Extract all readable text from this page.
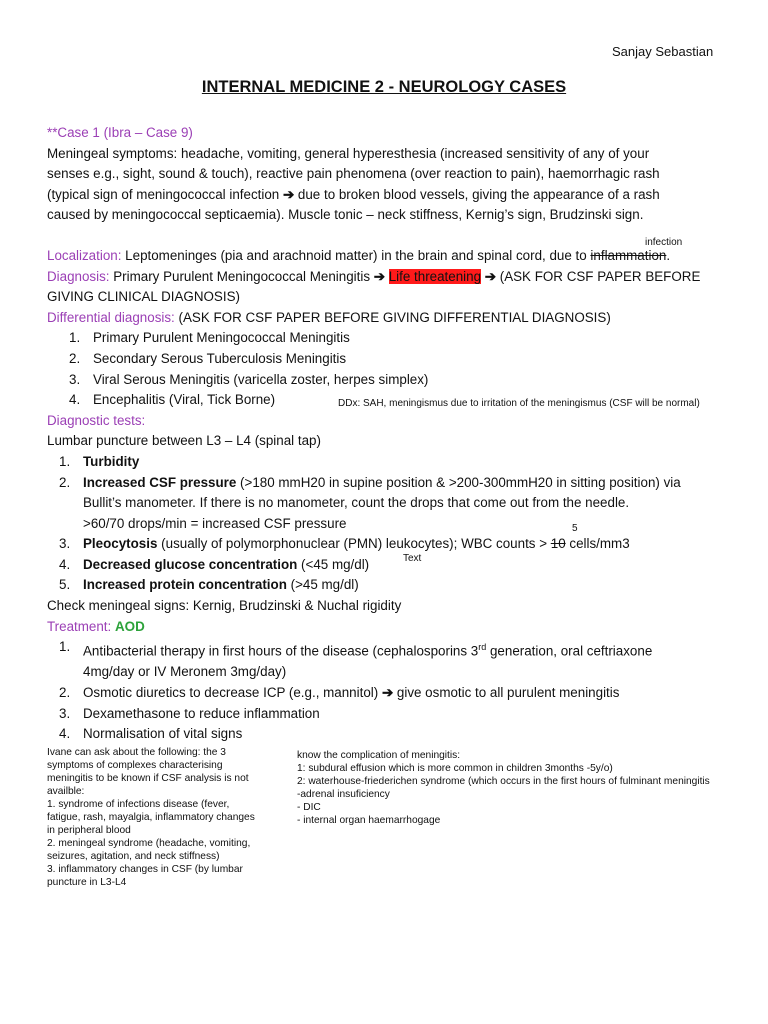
Sanjay Sebastian
INTERNAL MEDICINE 2 - NEUROLOGY CASES

**Case 1 (Ibra – Case 9)

Meningeal symptoms: headache, vomiting, general hyperesthesia (increased sensitivity of any of your

senses e.g., sight, sound & touch), reactive pain phenomena (over reaction to pain), haemorrhagic rash

(typical sign of meningococcal infection ➔ due to broken blood vessels, giving the appearance of a rash

caused by meningococcal septicaemia). Muscle tonic – neck stiffness, Kernig’s sign, Brudzinski sign.

Localization: Leptomeninges (pia and arachnoid matter) in the brain and spinal cord, due to inflammation.

Diagnosis: Primary Purulent Meningococcal Meningitis ➔ Life threatening ➔ (ASK FOR CSF PAPER BEFORE

GIVING CLINICAL DIAGNOSIS)

Differential diagnosis: (ASK FOR CSF PAPER BEFORE GIVING DIFFERENTIAL DIAGNOSIS)

1. Primary Purulent Meningococcal Meningitis
2. Secondary Serous Tuberculosis Meningitis
3. Viral Serous Meningitis (varicella zoster, herpes simplex)
4. Encephalitis (Viral, Tick Borne)

Diagnostic tests:

Lumbar puncture between L3 – L4 (spinal tap)

1. Turbidity
2. Increased CSF pressure (>180 mmH20 in supine position & >200-300mmH20 in sitting position) via
Bullit’s manometer. If there is no manometer, count the drops that come out from the needle.
>60/70 drops/min = increased CSF pressure
3. Pleocytosis (usually of polymorphonuclear (PMN) leukocytes); WBC counts > 10 cells/mm3
4. Decreased glucose concentration (<45 mg/dl)
5. Increased protein concentration (>45 mg/dl)

Check meningeal signs: Kernig, Brudzinski & Nuchal rigidity

Treatment: AOD

1. Antibacterial therapy in first hours of the disease (cephalosporins 3rd generation, oral ceftriaxone
4mg/day or IV Meronem 3mg/day)
2. Osmotic diuretics to decrease ICP (e.g., mannitol) ➔ give osmotic to all purulent meningitis
3. Dexamethasone to reduce inflammation
4. Normalisation of vital signs
infection
DDx: SAH, meningismus due to irritation of the meningismus (CSF will be normal)
5
Text
Ivane can ask about the following: the 3
symptoms of complexes characterising
meningitis to be known if CSF analysis is not
availble:
1. syndrome of infections disease (fever,
fatigue, rash, mayalgia, inflammatory changes
in peripheral blood
2. meningeal syndrome (headache, vomiting,
seizures, agitation, and neck stiffness)
3. inflammatory changes in CSF (by lumbar
puncture in L3-L4
know the complication of meningitis:
1: subdural effusion which is more common in children 3months -5y/o)
2: waterhouse-friederichen syndrome (which occurs in the first hours of fulminant meningitis
-adrenal insuficiency
- DIC
- internal organ haemarrhogage
